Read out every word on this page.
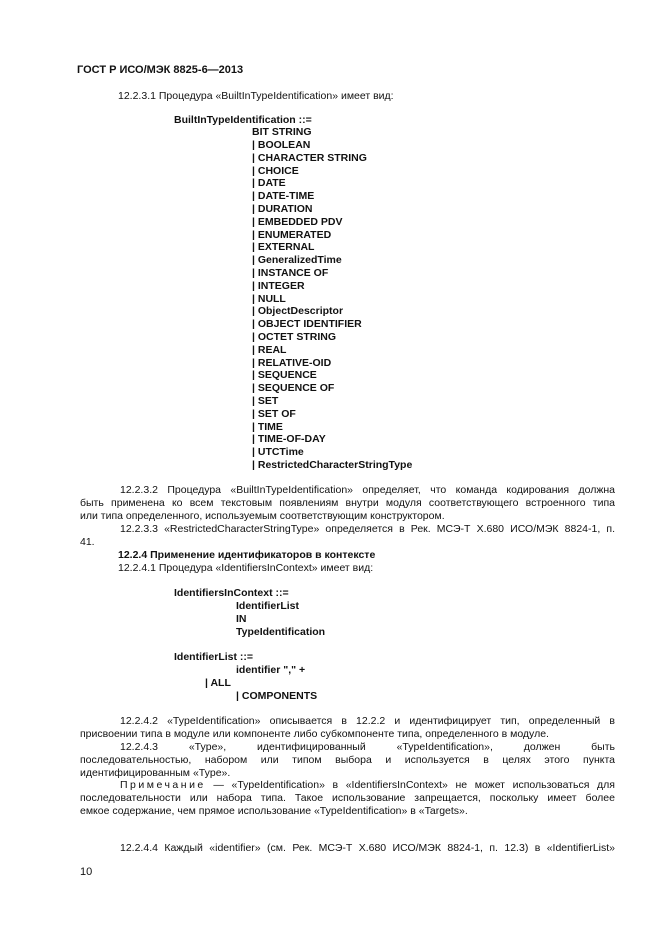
ГОСТ Р ИСО/МЭК 8825-6—2013
12.2.3.1 Процедура «BuiltInTypeIdentification» имеет вид:
BuiltInTypeIdentification ::=
BIT STRING
| BOOLEAN
| CHARACTER STRING
| CHOICE
| DATE
| DATE-TIME
| DURATION
| EMBEDDED PDV
| ENUMERATED
| EXTERNAL
| GeneralizedTime
| INSTANCE OF
| INTEGER
| NULL
| ObjectDescriptor
| OBJECT IDENTIFIER
| OCTET STRING
| REAL
| RELATIVE-OID
| SEQUENCE
| SEQUENCE OF
| SET
| SET OF
| TIME
| TIME-OF-DAY
| UTCTime
| RestrictedCharacterStringType
12.2.3.2 Процедура «BuiltInTypeIdentification» определяет, что команда кодирования должна
быть применена ко всем текстовым появлениям внутри модуля соответствующего встроенного типа
или типа определенного, используемым соответствующим конструктором.
12.2.3.3 «RestrictedCharacterStringType» определяется в Рек. МСЭ-Т Х.680 ИСО/МЭК 8824-1, п.
41.
12.2.4 Применение идентификаторов в контексте
12.2.4.1 Процедура «IdentifiersInContext» имеет вид:
IdentifiersInContext ::=
IdentifierList
IN
TypeIdentification
IdentifierList ::=
identifier "," +
| ALL
| COMPONENTS
12.2.4.2 «TypeIdentification» описывается в 12.2.2 и идентифицирует тип, определенный в
присвоении типа в модуле или компоненте либо субкомпоненте типа, определенного в модуле.
12.2.4.3 «Type», идентифицированный «TypeIdentification», должен быть
последовательностью, набором или типом выбора и используется в целях этого пункта
идентифицированным «Type».
Примечание — «TypeIdentification» в «IdentifiersInContext» не может использоваться для
последовательности или набора типа. Такое использование запрещается, поскольку имеет более
емкое содержание, чем прямое использование «TypeIdentification» в «Targets».
12.2.4.4 Каждый «identifier» (см. Рек. МСЭ-Т Х.680 ИСО/МЭК 8824-1, п. 12.3) в «IdentifierList»
10
